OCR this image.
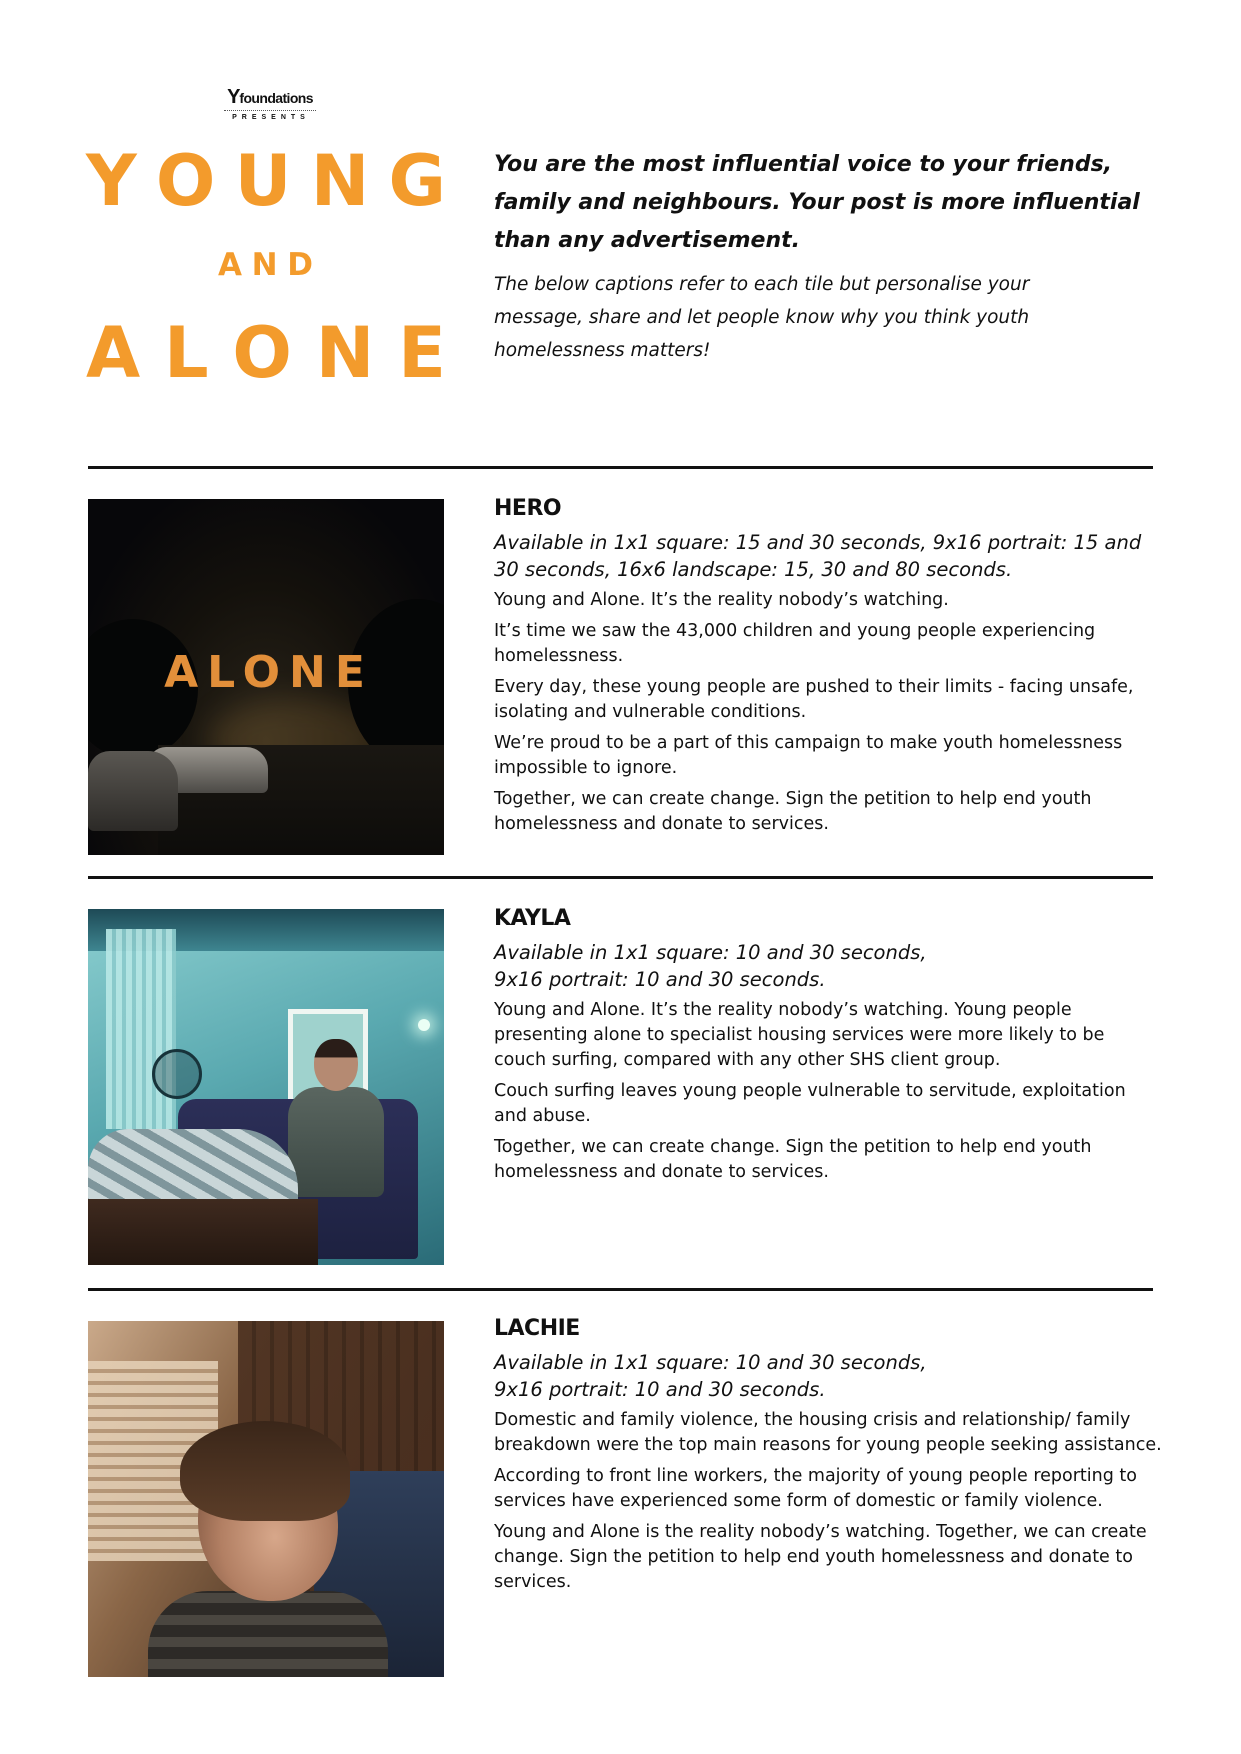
Yfoundations
PRESENTS
Y O U N G
A N D
A L O N E

You are the most influential voice to your friends, family and neighbours. Your post is more influential than any advertisement.

The below captions refer to each tile but personalise your message, share and let people know why you think youth homelessness matters!

ALONE
HERO

Available in 1x1 square: 15 and 30 seconds, 9x16 portrait: 15 and 30 seconds, 16x6 landscape: 15, 30 and 80 seconds.

Young and Alone. It’s the reality nobody’s watching.

It’s time we saw the 43,000 children and young people experiencing homelessness.

Every day, these young people are pushed to their limits - facing unsafe, isolating and vulnerable conditions.

We’re proud to be a part of this campaign to make youth homelessness impossible to ignore.

Together, we can create change. Sign the petition to help end youth homelessness and donate to services.

KAYLA

Available in 1x1 square: 10 and 30 seconds,
9x16 portrait: 10 and 30 seconds.

Young and Alone. It’s the reality nobody’s watching. Young people presenting alone to specialist housing services were more likely to be couch surfing, compared with any other SHS client group.

Couch surfing leaves young people vulnerable to servitude, exploitation and abuse.

Together, we can create change. Sign the petition to help end youth homelessness and donate to services.

LACHIE

Available in 1x1 square: 10 and 30 seconds,
9x16 portrait: 10 and 30 seconds.

Domestic and family violence, the housing crisis and relationship/ family breakdown were the top main reasons for young people seeking assistance.

According to front line workers, the majority of young people reporting to services have experienced some form of domestic or family violence.

Young and Alone is the reality nobody’s watching. Together, we can create change. Sign the petition to help end youth homelessness and donate to services.
